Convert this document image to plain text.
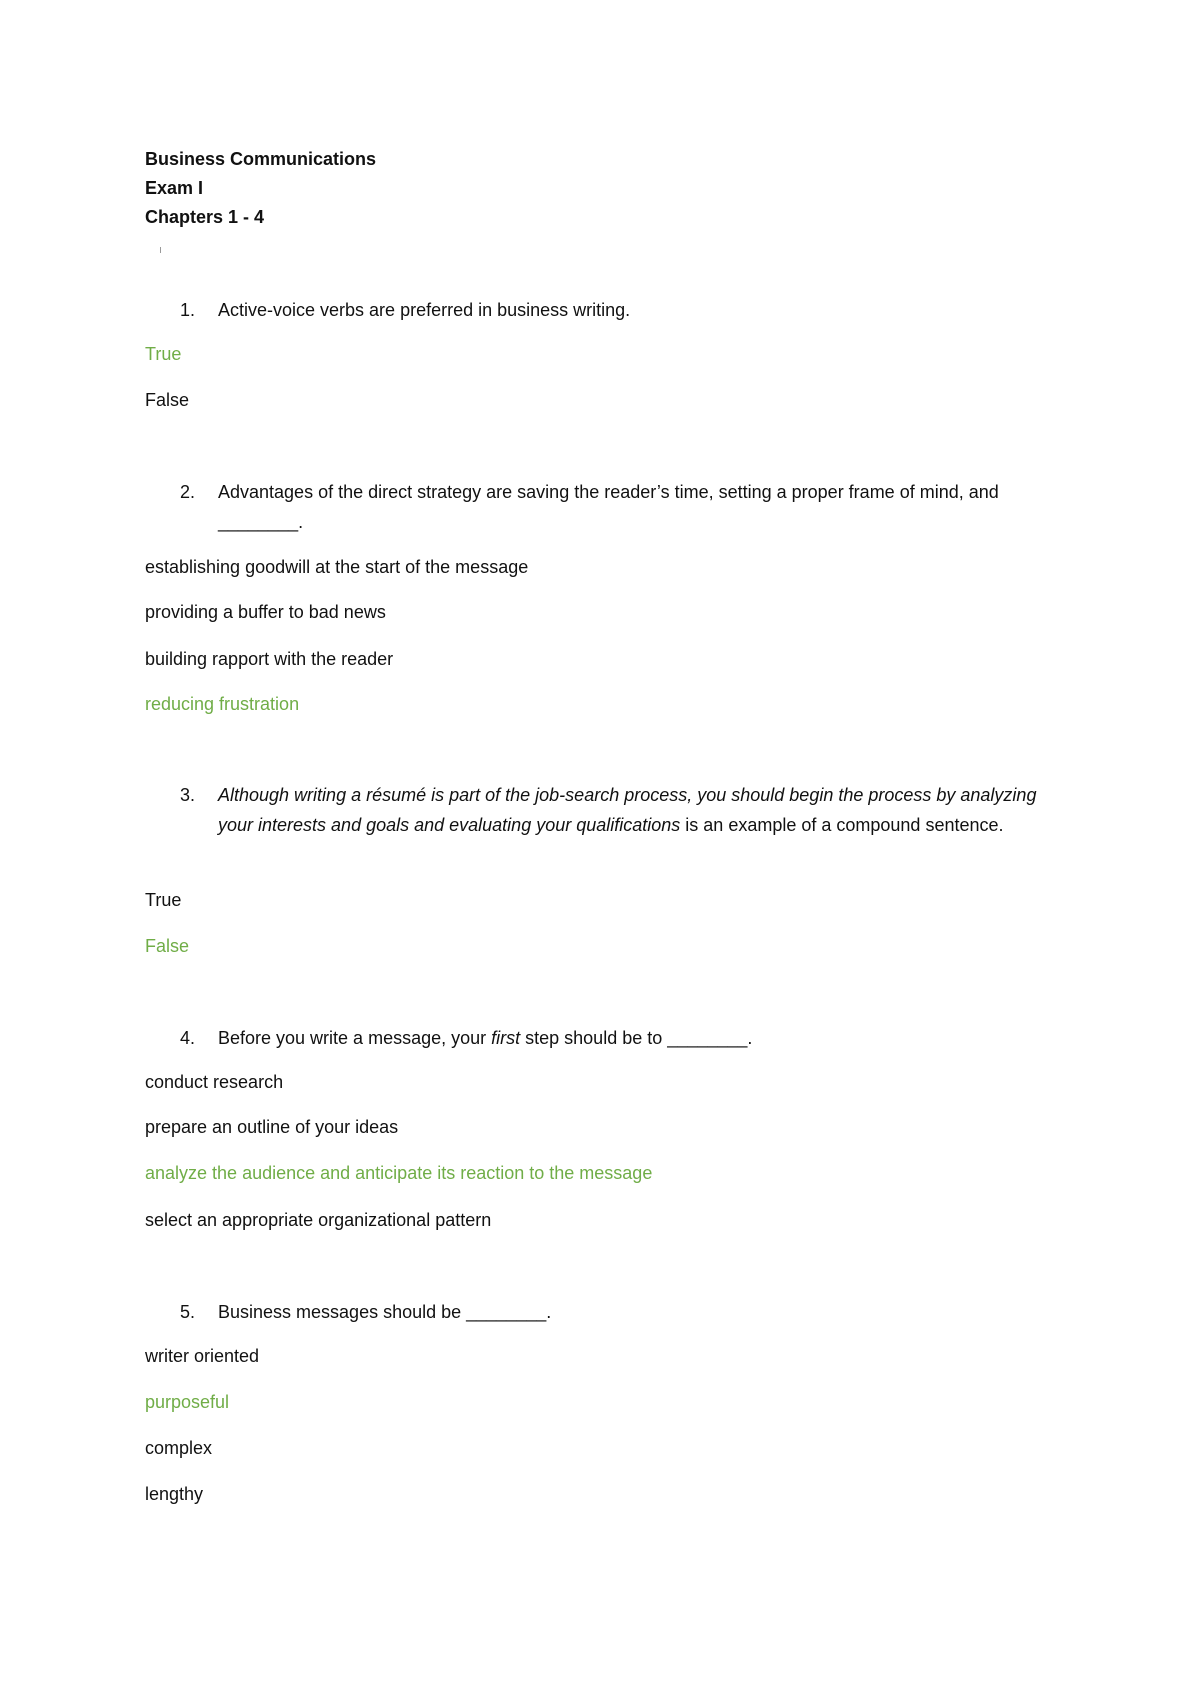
Business Communications
Exam I
Chapters 1 - 4
1. Active-voice verbs are preferred in business writing.
True
False
2. Advantages of the direct strategy are saving the reader’s time, setting a proper frame of mind, and ________.
establishing goodwill at the start of the message
providing a buffer to bad news
building rapport with the reader
reducing frustration
3. Although writing a résumé is part of the job-search process, you should begin the process by analyzing your interests and goals and evaluating your qualifications is an example of a compound sentence.
True
False
4. Before you write a message, your first step should be to ________.
conduct research
prepare an outline of your ideas
analyze the audience and anticipate its reaction to the message
select an appropriate organizational pattern
5. Business messages should be ________.
writer oriented
purposeful
complex
lengthy
